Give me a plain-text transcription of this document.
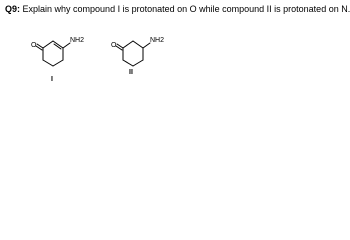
Q9: Explain why compound I is protonated on O while compound II is protonated on N.
O
NH2
I
O
NH2
II
